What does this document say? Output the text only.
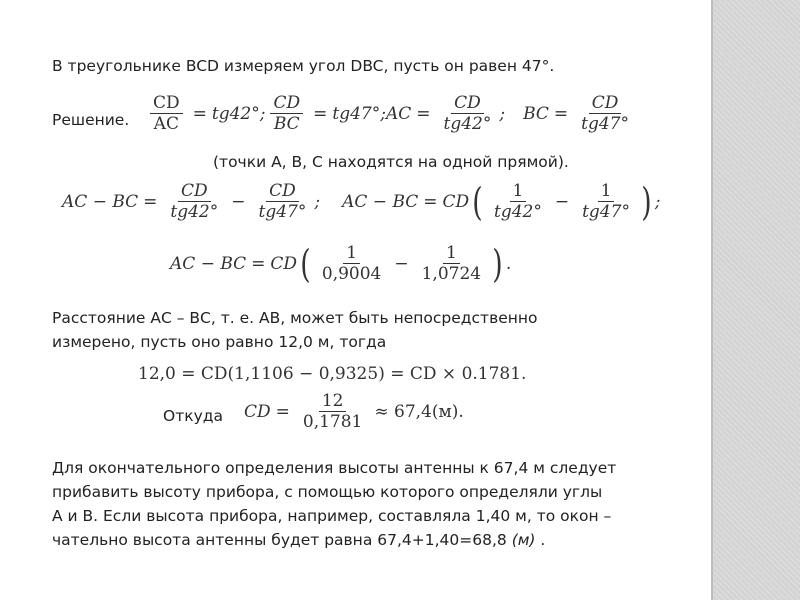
В треугольнике BCD измеряем угол DBC, пусть он равен 47°.
Решение. $\frac{CD}{AC} = tg42^\circ$; $\frac{CD}{BC} = tg47^\circ$; AC = $\frac{CD}{tg42^\circ}$ ; BC = $\frac{CD}{tg47^\circ}$
(точки А, В, С находятся на одной прямой).
AC − BC = $\frac{CD}{tg42^\circ} - \frac{CD}{tg47^\circ}$ ; AC − BC = CD ( $\frac{1}{tg42^\circ} - \frac{1}{tg47^\circ}$ ) ;
AC − BC = CD ( $\frac{1}{0,9004} - \frac{1}{1,0724}$ ) .
Расстояние АС – ВС, т. е. АВ, может быть непосредственно
измерено, пусть оно равно 12,0 м, тогда
12,0 = CD(1,1106 − 0,9325) = CD × 0.1781.
Откуда CD = $\frac{12}{0,1781} \approx 67,4(м)$.
Для окончательного определения высоты антенны к 67,4 м следует
прибавить высоту прибора, с помощью которого определяли углы
А и В. Если высота прибора, например, составляла 1,40 м, то окон –
чательно высота антенны будет равна 67,4+1,40=68,8 (м) .
